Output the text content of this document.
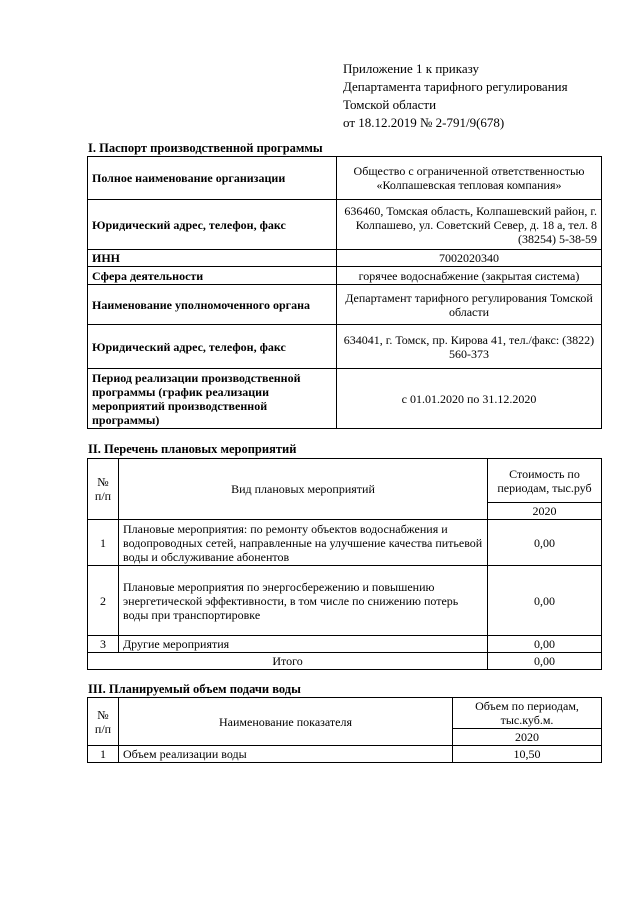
Приложение 1 к приказу
Департамента тарифного регулирования
Томской области
от 18.12.2019 № 2-791/9(678)
I. Паспорт производственной программы
Полное наименование организации	Общество с ограниченной ответственностью «Колпашевская тепловая компания»
Юридический адрес, телефон, факс	636460, Томская область, Колпашевский район, г. Колпашево, ул. Советский Север, д. 18 а, тел. 8 (38254) 5-38-59
ИНН	7002020340
Сфера деятельности	горячее водоснабжение (закрытая система)
Наименование уполномоченного органа	Департамент тарифного регулирования Томской области
Юридический адрес, телефон, факс	634041, г. Томск, пр. Кирова 41, тел./факс: (3822) 560-373
Период реализации производственной программы (график реализации мероприятий производственной программы)	с 01.01.2020 по 31.12.2020
II. Перечень плановых мероприятий
№ п/п	Вид плановых мероприятий	Стоимость по периодам, тыс.руб
		2020
1	Плановые мероприятия: по ремонту объектов водоснабжения и водопроводных сетей, направленные на улучшение качества питьевой воды и обслуживание абонентов	0,00
2	Плановые мероприятия по энергосбережению и повышению энергетической эффективности, в том числе по снижению потерь воды при транспортировке	0,00
3	Другие мероприятия	0,00
Итого		0,00
III. Планируемый объем подачи воды
№ п/п	Наименование показателя	Объем по периодам, тыс.куб.м.
		2020
1	Объем реализации воды	10,50
